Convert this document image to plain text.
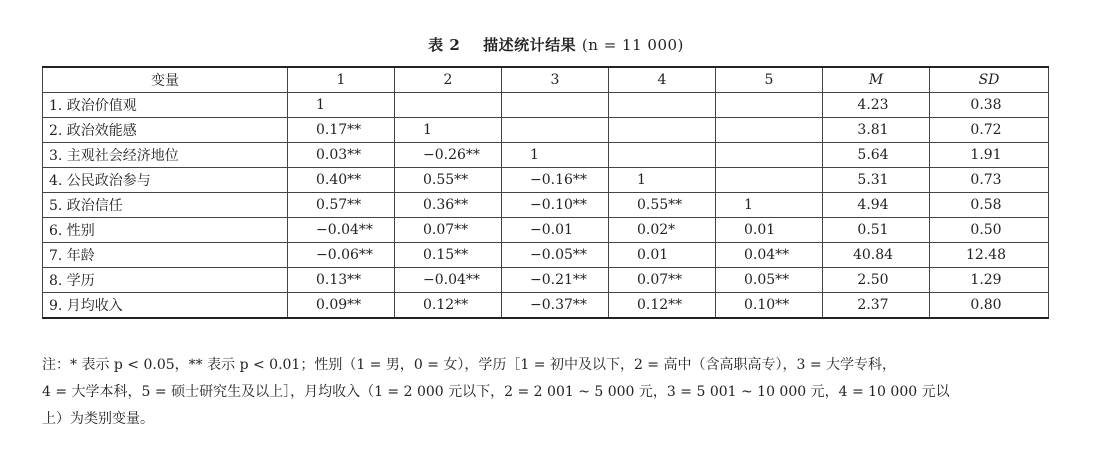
表 2 描述统计结果 (n = 11 000)
变量	1	2	3	4	5	M	SD
1. 政治价值观	1					4.23	0.38
2. 政治效能感	0.17**	1				3.81	0.72
3. 主观社会经济地位	0.03**	−0.26**	1			5.64	1.91
4. 公民政治参与	0.40**	0.55**	−0.16**	1		5.31	0.73
5. 政治信任	0.57**	0.36**	−0.10**	0.55**	1	4.94	0.58
6. 性别	−0.04**	0.07**	−0.01	0.02*	0.01	0.51	0.50
7. 年龄	−0.06**	0.15**	−0.05**	0.01	0.04**	40.84	12.48
8. 学历	0.13**	−0.04**	−0.21**	0.07**	0.05**	2.50	1.29
9. 月均收入	0.09**	0.12**	−0.37**	0.12**	0.10**	2.37	0.80
注：* 表示 p < 0.05，** 表示 p < 0.01；性别（1 = 男，0 = 女），学历［1 = 初中及以下，2 = 高中（含高职高专），3 = 大学专科，
4 = 大学本科，5 = 硕士研究生及以上］，月均收入（1 = 2 000 元以下，2 = 2 001 ~ 5 000 元，3 = 5 001 ~ 10 000 元，4 = 10 000 元以
上）为类别变量。
